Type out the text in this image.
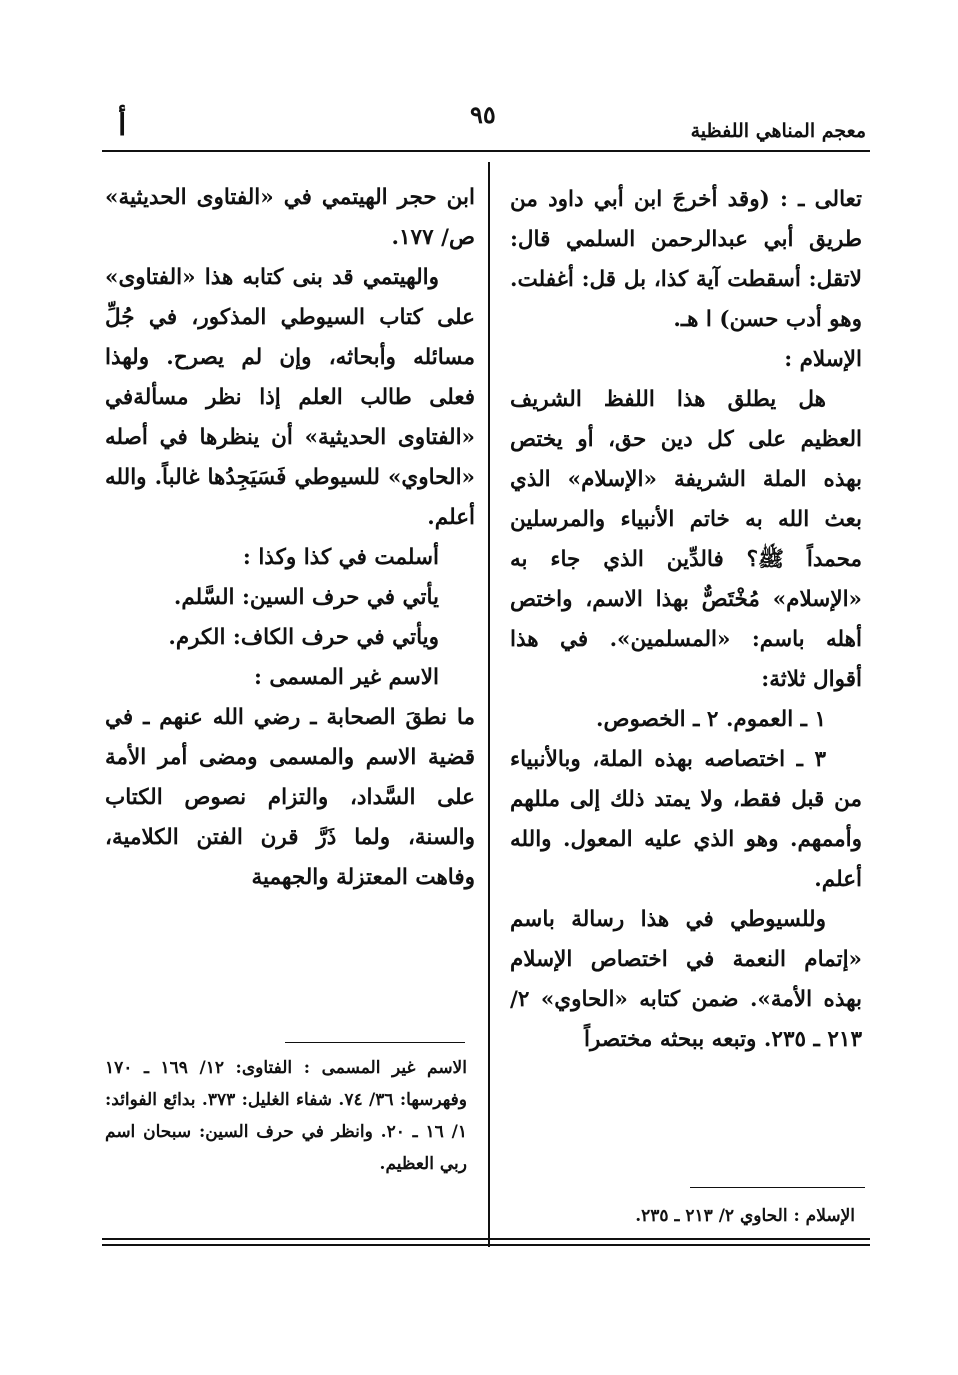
معجم المناهي اللفظية
٩٥
أ

تعالى ـ : (وقد أخرجَ ابن أبي داود من طريق أبي عبدالرحمن السلمي قال: لاتقل: أسقطت آية كذا، بل قل: أغفلت. وهو أدب حسن) ا هـ.

الإسلام :

هل يطلق هذا اللفظ الشريف العظيم على كل دين حق، أو يختص بهذه الملة الشريفة «الإسلام» الذي بعث الله به خاتم الأنبياء والمرسلين محمداً ﷺ؟ فالدِّين الذي جاء به «الإسلام» مُخْتَصٌّ بهذا الاسم، واختص أهله باسم: «المسلمين». في هذا أقوال ثلاثة:

١ ـ العموم. ٢ ـ الخصوص.

٣ ـ اختصاصه بهذه الملة، وبالأنبياء من قبل فقط، ولا يمتد ذلك إلى مللهم وأممهم. وهو الذي عليه المعول. والله أعلم.

وللسيوطي في هذا رسالة باسم «إتمام النعمة في اختصاص الإسلام بهذه الأمة». ضمن كتابه «الحاوي» ٢/ ٢١٣ ـ ٢٣٥. وتبعه ببحثه مختصراً

الإسلام : الحاوي ٢/ ٢١٣ ـ ٢٣٥.

ابن حجر الهيتمي في «الفتاوى الحديثية» ص/ ١٧٧.

والهيتمي قد بنى كتابه هذا «الفتاوى» على كتاب السيوطي المذكور، في جُلِّ مسائله وأبحاثه، وإن لم يصرح. ولهذا فعلى طالب العلم إذا نظر مسألةفي «الفتاوى الحديثية» أن ينظرها في أصله «الحاوي» للسيوطي فَسَيَجِدُها غالباً. والله أعلم.

أسلمت في كذا وكذا :

يأتي في حرف السين: السَّلم.

ويأتي في حرف الكاف: الكرم.

الاسم غير المسمى :

ما نطقَ الصحابة ـ رضي الله عنهم ـ في قضية الاسم والمسمى ومضى أمر الأمة على السَّداد، والتزام نصوص الكتاب والسنة، ولما ذَرَّ قرن الفتن الكلامية، وفاهت المعتزلة والجهمية

الاسم غير المسمى : الفتاوى: ١٢/ ١٦٩ ـ ١٧٠ وفهرسها: ٣٦/ ٧٤. شفاء الغليل: ٣٧٣. بدائع الفوائد: ١/ ١٦ ـ ٢٠. وانظر في حرف السين: سبحان اسم ربي العظيم.
